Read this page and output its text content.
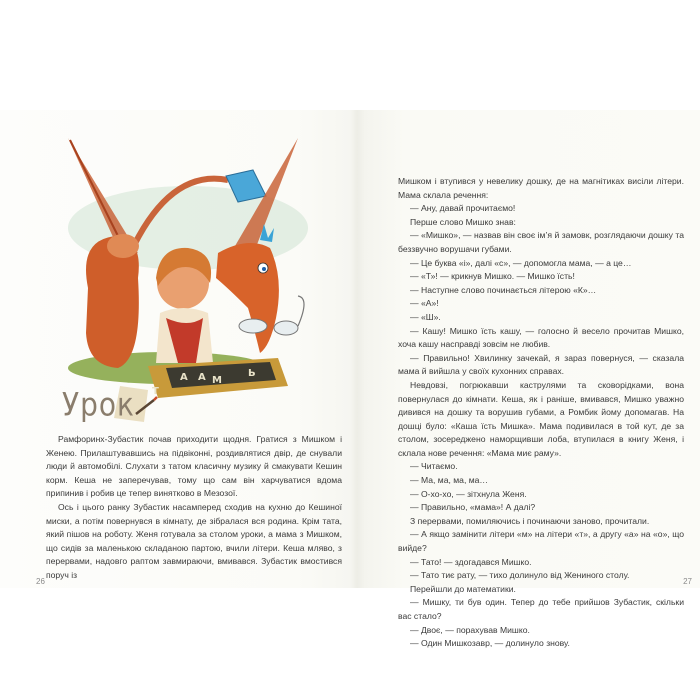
А А М
Ь
Т
Урок

Рамфоринх-Зубастик почав приходити щодня. Гратися з Мишком і Женею. Прилаштувавшись на підвіконні, роздивлятися двір, де снували люди й автомобілі. Слухати з татом класичну музику й смакувати Кешин корм. Кеша не заперечував, тому що сам він харчуватися вдома припинив і робив це тепер винятково в Мезозої.

Ось і цього ранку Зубастик насамперед сходив на кухню до Кешиної миски, а потім повернувся в кімнату, де зібралася вся родина. Крім тата, який пішов на роботу. Женя готувала за столом уроки, а мама з Мишком, що сидів за маленькою складаною партою, вчили літери. Кеша мляво, з перервами, надовго раптом завмираючи, вмивався. Зубастик вмостився поруч із

26

Мишком і втупився у невелику дошку, де на магнітиках висіли літери. Мама склала речення:

— Ану, давай прочитаємо!

Перше слово Мишко знав:

— «Мишко», — назвав він своє ім’я й замовк, розглядаючи дошку та беззвучно ворушачи губами.

— Це буква «і», далі «с», — допомогла мама, — а це…

— «Т»! — крикнув Мишко. — Мишко їсть!

— Наступне слово починається літерою «К»…

— «А»!

— «Ш».

— Кашу! Мишко їсть кашу, — голосно й весело прочитав Мишко, хоча кашу насправді зовсім не любив.

— Правильно! Хвилинку зачекай, я зараз повернуся, — сказала мама й вийшла у своїх кухонних справах.

Невдовзі, погрюкавши каструлями та сковорідками, вона повернулася до кімнати. Кеша, як і раніше, вмивався, Мишко уважно дивився на дошку та ворушив губами, а Ромбик йому допомагав. На дошці було: «Каша їсть Мишка». Мама подивилася в той кут, де за столом, зосереджено наморщивши лоба, втупилася в книгу Женя, і склала нове речення: «Мама миє раму».

— Читаємо.

— Ма, ма, ма, ма…

— О-хо-хо, — зітхнула Женя.

— Правильно, «мама»! А далі?

З перервами, помиляючись і починаючи заново, прочитали.

— А якщо замінити літери «м» на літери «т», а другу «а» на «о», що вийде?

— Тато! — здогадався Мишко.

— Тато тиє рату, — тихо долинуло від Жениного столу.

Перейшли до математики.

— Мишку, ти був один. Тепер до тебе прийшов Зубастик, скільки вас стало?

— Двоє, — порахував Мишко.

— Один Мишкозавр, — долинуло знову.

27
